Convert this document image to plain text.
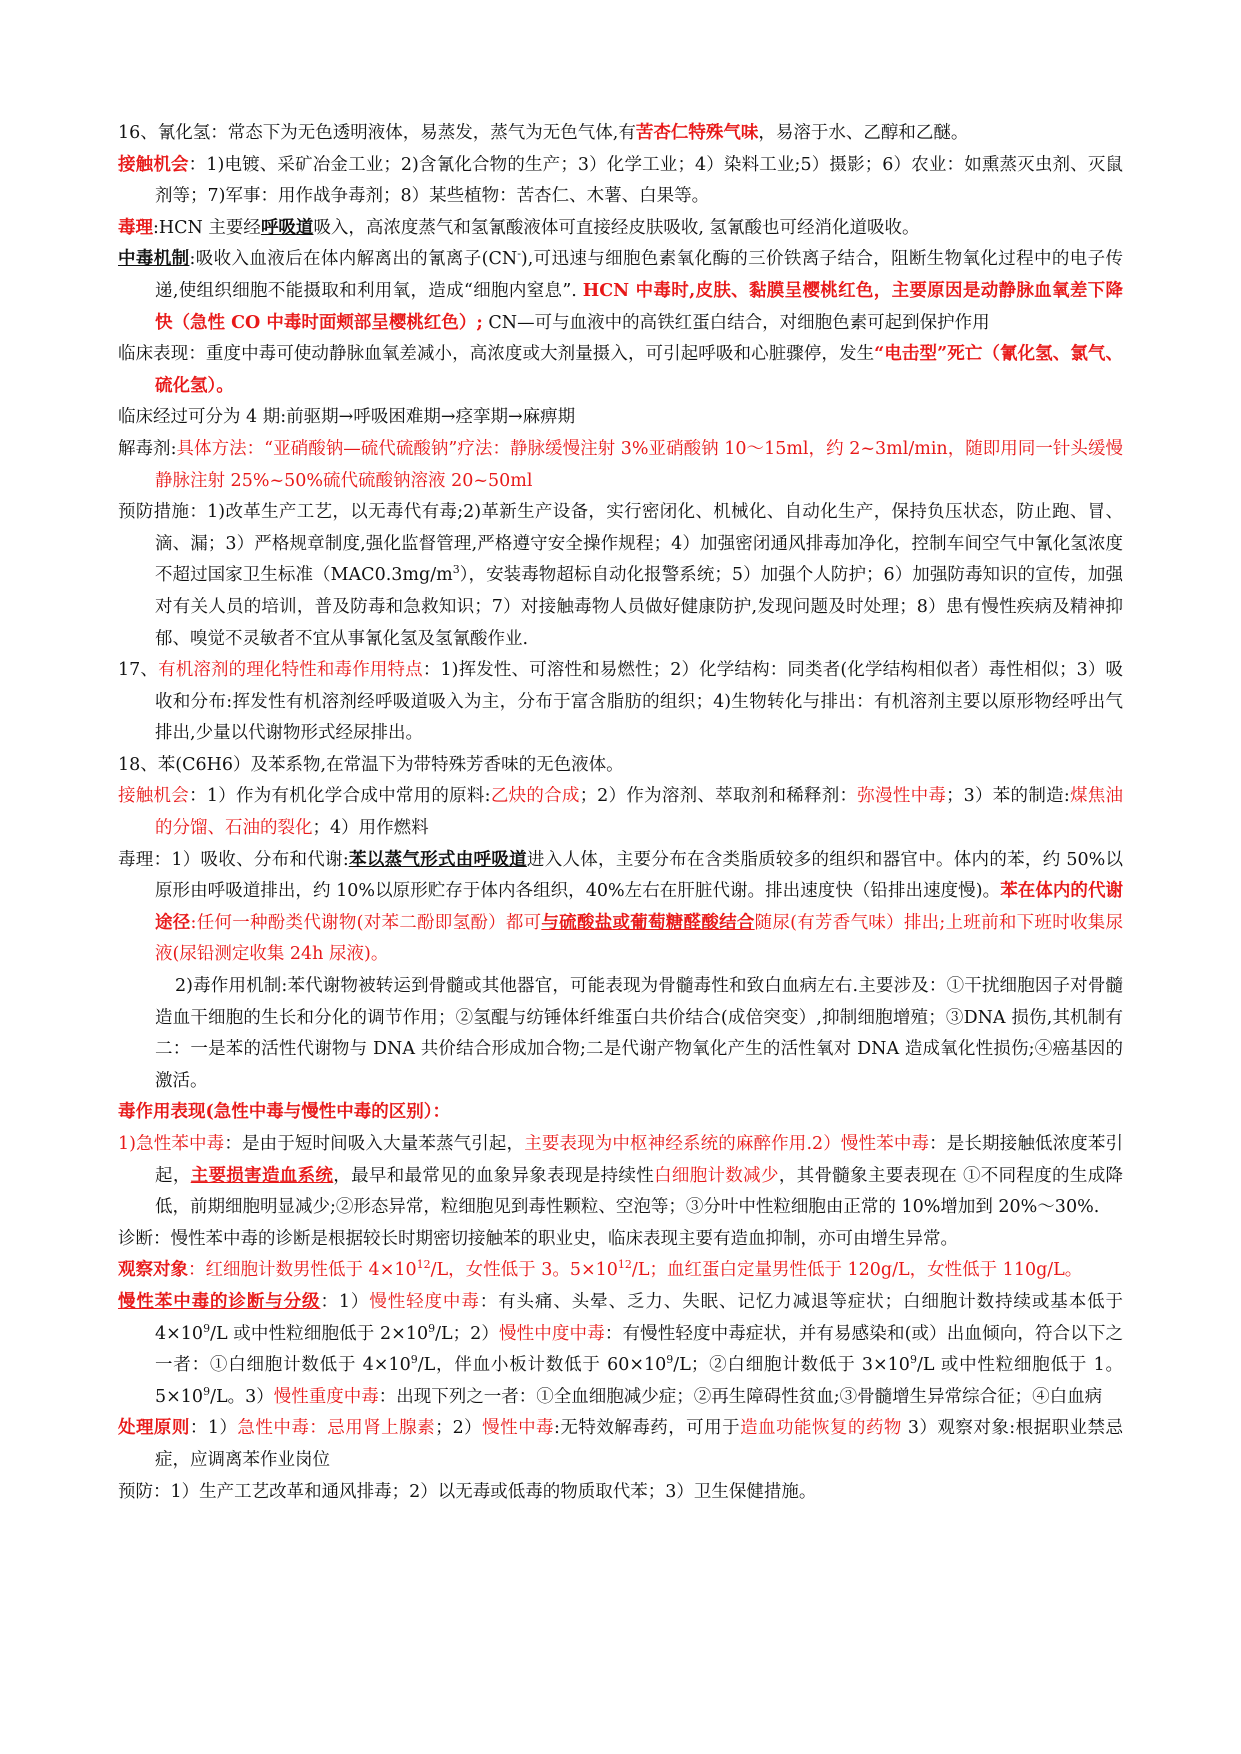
16、氰化氢：常态下为无色透明液体，易蒸发，蒸气为无色气体,有苦杏仁特殊气味，易溶于水、乙醇和乙醚。

接触机会：1)电镀、采矿冶金工业；2)含氰化合物的生产；3）化学工业；4）染料工业;5）摄影；6）农业：如熏蒸灭虫剂、灭鼠剂等；7)军事：用作战争毒剂；8）某些植物：苦杏仁、木薯、白果等。

毒理:HCN 主要经呼吸道吸入，高浓度蒸气和氢氰酸液体可直接经皮肤吸收, 氢氰酸也可经消化道吸收。

中毒机制:吸收入血液后在体内解离出的氰离子(CN-),可迅速与细胞色素氧化酶的三价铁离子结合，阻断生物氧化过程中的电子传递,使组织细胞不能摄取和利用氧，造成“细胞内窒息”. HCN 中毒时,皮肤、黏膜呈樱桃红色，主要原因是动静脉血氧差下降快（急性 CO 中毒时面颊部呈樱桃红色）; CN—可与血液中的高铁红蛋白结合，对细胞色素可起到保护作用

临床表现：重度中毒可使动静脉血氧差减小，高浓度或大剂量摄入，可引起呼吸和心脏骤停，发生“电击型”死亡（氰化氢、氯气、硫化氢）。

临床经过可分为 4 期:前驱期→呼吸困难期→痉挛期→麻痹期

解毒剂:具体方法：“亚硝酸钠—硫代硫酸钠”疗法：静脉缓慢注射 3%亚硝酸钠 10～15ml，约 2~3ml/min，随即用同一针头缓慢静脉注射 25%~50%硫代硫酸钠溶液 20~50ml

预防措施：1)改革生产工艺，以无毒代有毒;2)革新生产设备，实行密闭化、机械化、自动化生产，保持负压状态，防止跑、冒、滴、漏；3）严格规章制度,强化监督管理,严格遵守安全操作规程；4）加强密闭通风排毒加净化，控制车间空气中氰化氢浓度不超过国家卫生标准$(MAC0.3mg/m^3)$，安装毒物超标自动化报警系统；5）加强个人防护；6）加强防毒知识的宣传，加强对有关人员的培训，普及防毒和急救知识；7）对接触毒物人员做好健康防护,发现问题及时处理；8）患有慢性疾病及精神抑郁、嗅觉不灵敏者不宜从事氰化氢及氢氰酸作业.

17、有机溶剂的理化特性和毒作用特点：1)挥发性、可溶性和易燃性；2）化学结构：同类者(化学结构相似者）毒性相似；3）吸收和分布:挥发性有机溶剂经呼吸道吸入为主，分布于富含脂肪的组织；4)生物转化与排出：有机溶剂主要以原形物经呼出气排出,少量以代谢物形式经尿排出。

18、苯(C6H6）及苯系物,在常温下为带特殊芳香味的无色液体。

接触机会：1）作为有机化学合成中常用的原料:乙炔的合成；2）作为溶剂、萃取剂和稀释剂：弥漫性中毒；3）苯的制造:煤焦油的分馏、石油的裂化；4）用作燃料

毒理：1）吸收、分布和代谢:苯以蒸气形式由呼吸道进入人体，主要分布在含类脂质较多的组织和器官中。体内的苯，约 50%以原形由呼吸道排出，约 10%以原形贮存于体内各组织，40%左右在肝脏代谢。排出速度快（铅排出速度慢)。苯在体内的代谢途径:任何一种酚类代谢物(对苯二酚即氢酚）都可与硫酸盐或葡萄糖醛酸结合随尿(有芳香气味）排出;上班前和下班时收集尿液(尿铅测定收集 24h 尿液)。

2)毒作用机制:苯代谢物被转运到骨髓或其他器官，可能表现为骨髓毒性和致白血病左右.主要涉及：①干扰细胞因子对骨髓造血干细胞的生长和分化的调节作用；②氢醌与纺锤体纤维蛋白共价结合(成倍突变）,抑制细胞增殖；③DNA 损伤,其机制有二：一是苯的活性代谢物与 DNA 共价结合形成加合物;二是代谢产物氧化产生的活性氧对 DNA 造成氧化性损伤;④癌基因的激活。

毒作用表现(急性中毒与慢性中毒的区别）：

1)急性苯中毒：是由于短时间吸入大量苯蒸气引起，主要表现为中枢神经系统的麻醉作用.2）慢性苯中毒：是长期接触低浓度苯引起，主要损害造血系统，最早和最常见的血象异象表现是持续性白细胞计数减少，其骨髓象主要表现在 ①不同程度的生成降低，前期细胞明显减少;②形态异常，粒细胞见到毒性颗粒、空泡等；③分叶中性粒细胞由正常的 10%增加到 20%～30%.

诊断：慢性苯中毒的诊断是根据较长时期密切接触苯的职业史，临床表现主要有造血抑制，亦可由增生异常。

观察对象：红细胞计数男性低于 $4\times 10^{12}/L$，女性低于 3。$5\times 10^{12}/L$；血红蛋白定量男性低于 120g/L，女性低于 110g/L。

慢性苯中毒的诊断与分级：1）慢性轻度中毒：有头痛、头晕、乏力、失眠、记忆力减退等症状；白细胞计数持续或基本低于 $4\times 10^9/L$ 或中性粒细胞低于 $2\times 10^9/L$；2）慢性中度中毒：有慢性轻度中毒症状，并有易感染和(或）出血倾向，符合以下之一者：①白细胞计数低于 $4\times 10^9/L$，伴血小板计数低于 $60\times 10^9/L$；②白细胞计数低于 $3\times 10^9/L$ 或中性粒细胞低于 1。$5\times 10^9/L$。3）慢性重度中毒：出现下列之一者：①全血细胞减少症；②再生障碍性贫血;③骨髓增生异常综合征；④白血病

处理原则：1）急性中毒：忌用肾上腺素；2）慢性中毒:无特效解毒药，可用于造血功能恢复的药物 3）观察对象:根据职业禁忌症，应调离苯作业岗位

预防：1）生产工艺改革和通风排毒；2）以无毒或低毒的物质取代苯；3）卫生保健措施。
